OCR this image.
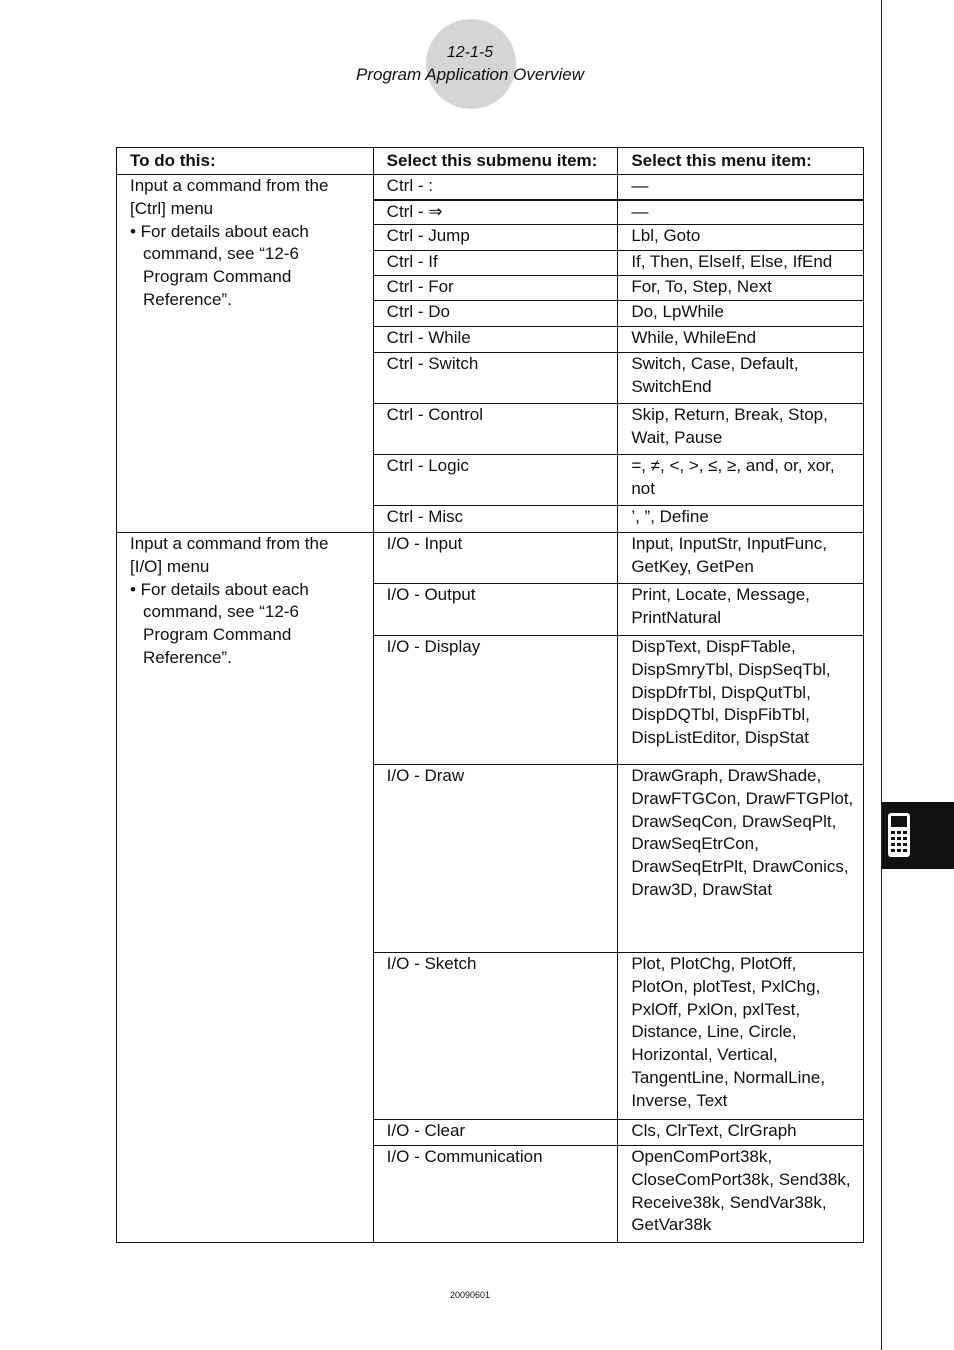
12-1-5
Program Application Overview
To do this:	Select this submenu item:	Select this menu item:

Input a command from the [Ctrl] menu
• For details about each command, see “12-6 Program Command Reference”.	Ctrl - :	—
	Ctrl - ⇒	—
	Ctrl - Jump	Lbl, Goto
	Ctrl - If	If, Then, ElseIf, Else, IfEnd
	Ctrl - For	For, To, Step, Next
	Ctrl - Do	Do, LpWhile
	Ctrl - While	While, WhileEnd
	Ctrl - Switch	Switch, Case, Default, SwitchEnd
	Ctrl - Control	Skip, Return, Break, Stop, Wait, Pause
	Ctrl - Logic	=, ≠, <, >, ≤, ≥, and, or, xor, not
	Ctrl - Misc	’, ”, Define

Input a command from the [I/O] menu
• For details about each command, see “12-6 Program Command Reference”.	I/O - Input	Input, InputStr, InputFunc, GetKey, GetPen
	I/O - Output	Print, Locate, Message, PrintNatural
	I/O - Display	DispText, DispFTable, DispSmryTbl, DispSeqTbl, DispDfrTbl, DispQutTbl, DispDQTbl, DispFibTbl, DispListEditor, DispStat
	I/O - Draw	DrawGraph, DrawShade, DrawFTGCon, DrawFTGPlot, DrawSeqCon, DrawSeqPlt, DrawSeqEtrCon, DrawSeqEtrPlt, DrawConics, Draw3D, DrawStat
	I/O - Sketch	Plot, PlotChg, PlotOff, PlotOn, plotTest, PxlChg, PxlOff, PxlOn, pxlTest, Distance, Line, Circle, Horizontal, Vertical, TangentLine, NormalLine, Inverse, Text
	I/O - Clear	Cls, ClrText, ClrGraph
	I/O - Communication	OpenComPort38k, CloseComPort38k, Send38k, Receive38k, SendVar38k, GetVar38k
20090601
